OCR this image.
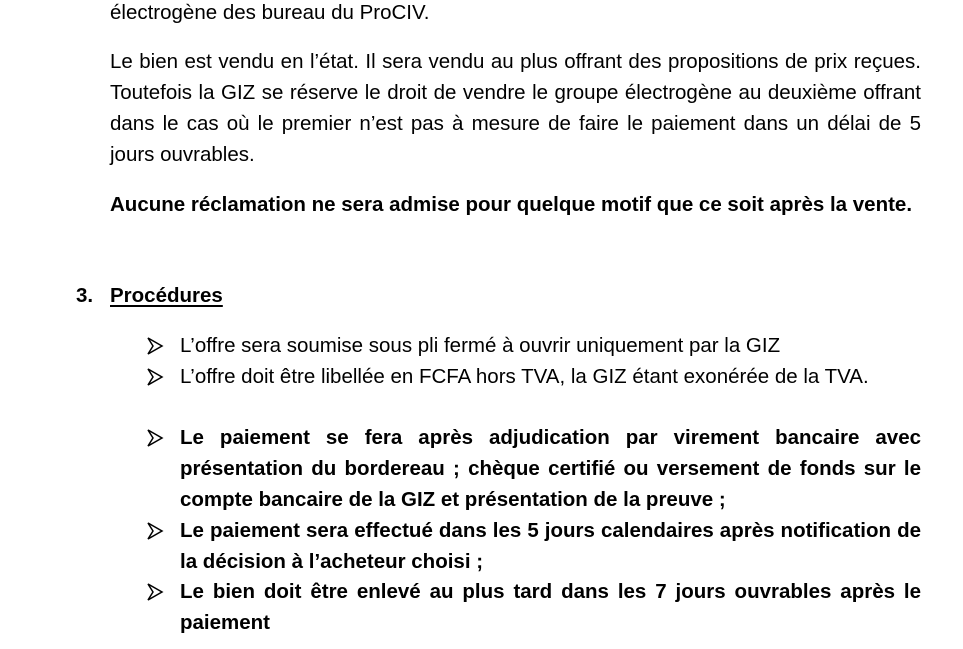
électrogène des bureau du ProCIV.
Le bien est vendu en l’état. Il sera vendu au plus offrant des propositions de prix reçues. Toutefois la GIZ se réserve le droit de vendre le groupe électrogène au deuxième offrant dans le cas où le premier n’est pas à mesure de faire le paiement dans un délai de 5 jours ouvrables.
Aucune réclamation ne sera admise pour quelque motif que ce soit après la vente.
3. Procédures
L’offre sera soumise sous pli fermé à ouvrir uniquement par la GIZ
L’offre doit être libellée en FCFA hors TVA, la GIZ étant exonérée de la TVA.
Le paiement se fera après adjudication par virement bancaire avec présentation du bordereau ; chèque certifié ou versement de fonds sur le compte bancaire de la GIZ et présentation de la preuve ;
Le paiement sera effectué dans les 5 jours calendaires après notification de la décision à l’acheteur choisi ;
Le bien doit être enlevé au plus tard dans les 7 jours ouvrables après le paiement
